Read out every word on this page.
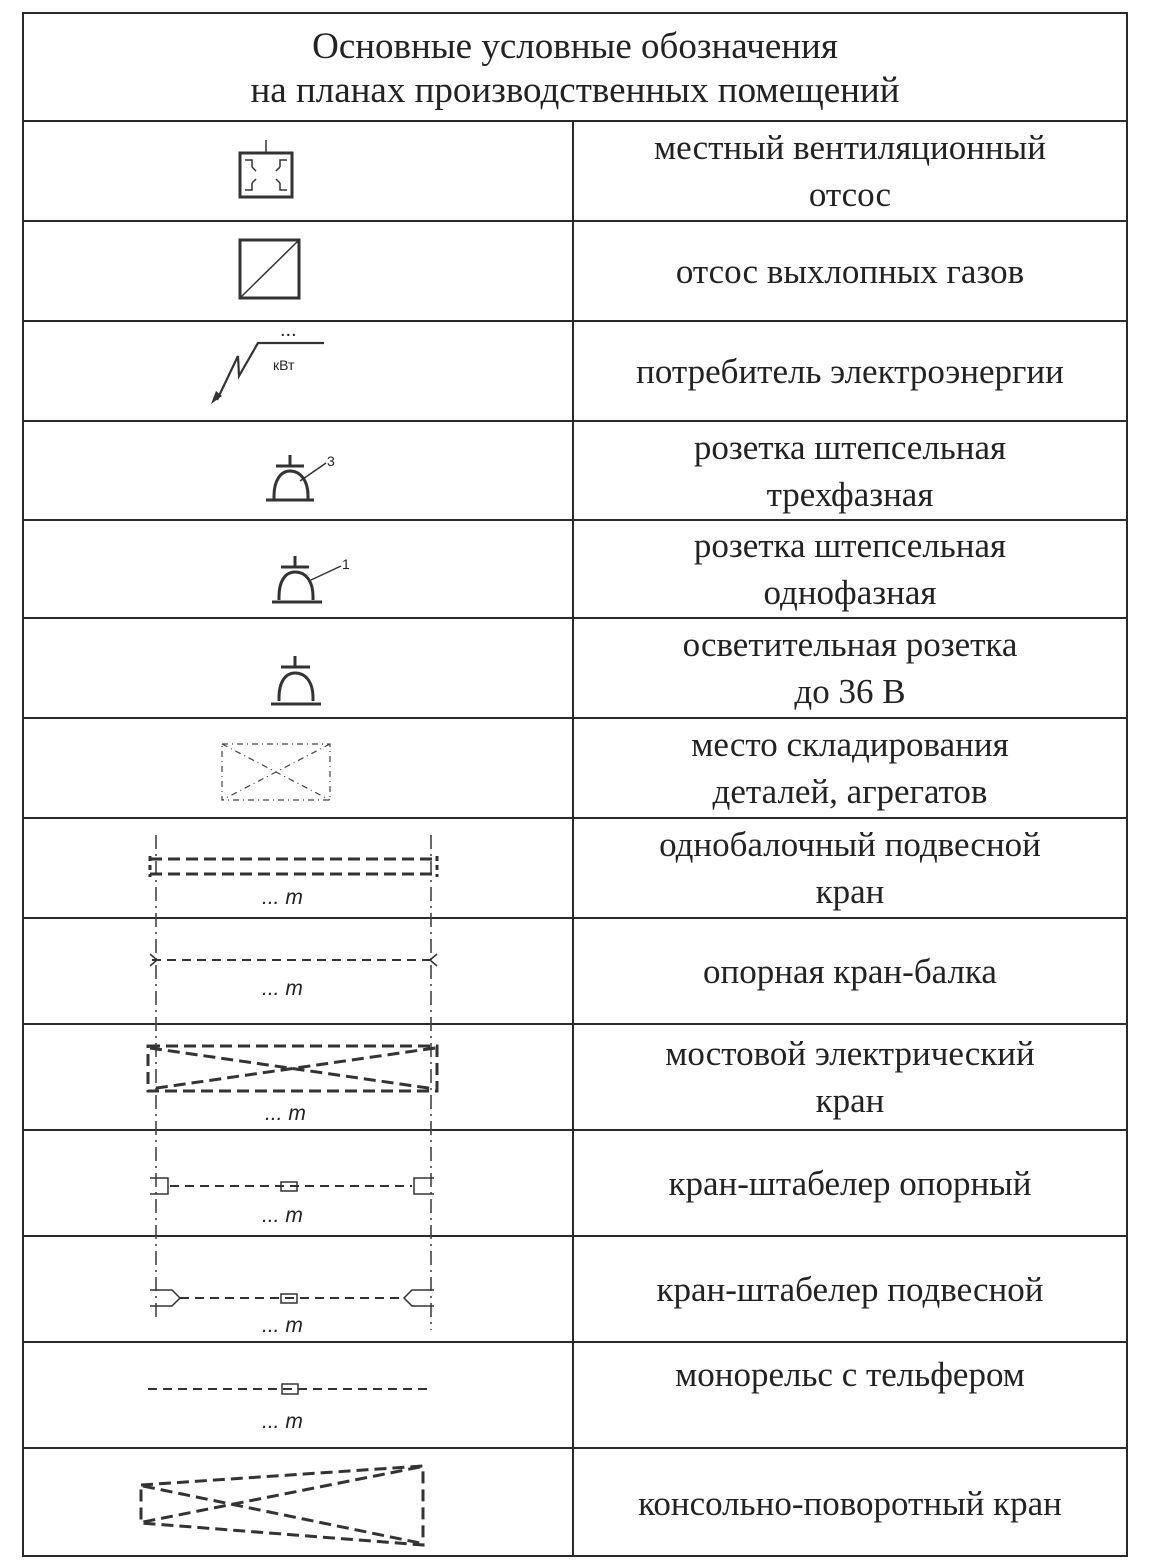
Основные условные обозначения
на планах производственных помещений
местный вентиляционный
отсос
отсос выхлопных газов
потребитель электроэнергии
розетка штепсельная
трехфазная
розетка штепсельная
однофазная
осветительная розетка
до 36 В
место складирования
деталей, агрегатов
однобалочный подвесной
кран
опорная кран-балка
мостовой электрический
кран
кран-штабелер опорный
кран-штабелер подвесной
монорельс с тельфером
консольно-поворотный кран
...
кВт
3
1
... т
... т
... т
... т
... т
... т
